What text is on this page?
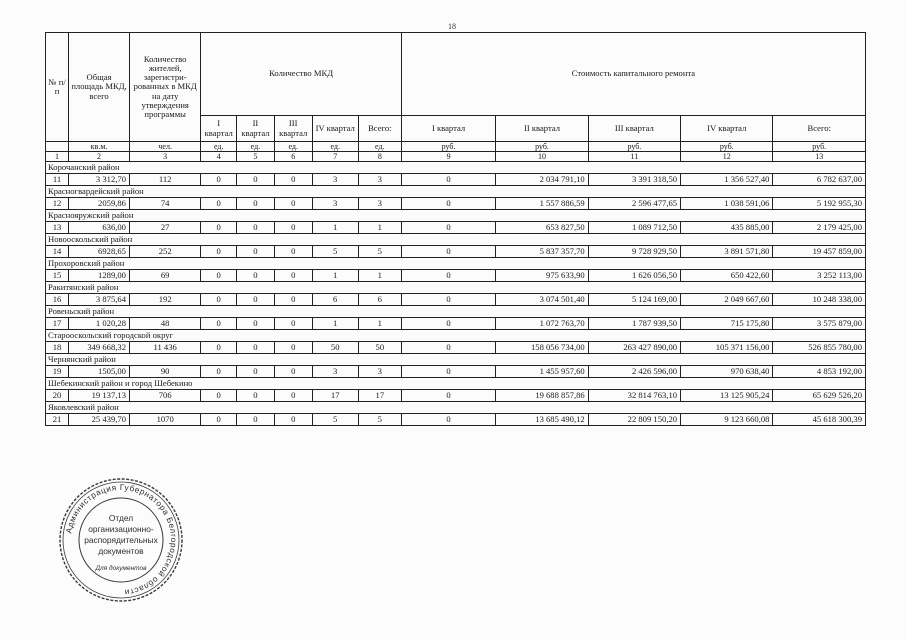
18
№ п/п	Общая площадь МКД, всего	Количество жителей, зарегистри-рованных в МКД на дату утверждения программы	Количество МКД					Стоимость капитального ремонта				
			I квартал	II квартал	III квартал	IV квартал	Всего:	I квартал	II квартал	III квартал	IV квартал	Всего:
	кв.м.	чел.	ед.	ед.	ед.	ед.	ед.	руб.	руб.	руб.	руб.	руб.
1	2	3	4	5	6	7	8	9	10	11	12	13
Корочанский район												
11	3 312,70	112	0	0	0	3	3	0	2 034 791,10	3 391 318,50	1 356 527,40	6 782 637,00
Красногвардейский район												
12	2059,86	74	0	0	0	3	3	0	1 557 886,59	2 596 477,65	1 038 591,06	5 192 955,30
Краснояружский район												
13	636,00	27	0	0	0	1	1	0	653 827,50	1 089 712,50	435 885,00	2 179 425,00
Новооскольский район												
14	6928,65	252	0	0	0	5	5	0	5 837 357,70	9 728 929,50	3 891 571,80	19 457 859,00
Прохоровский район												
15	1289,00	69	0	0	0	1	1	0	975 633,90	1 626 056,50	650 422,60	3 252 113,00
Ракитянский район												
16	3 875,64	192	0	0	0	6	6	0	3 074 501,40	5 124 169,00	2 049 667,60	10 248 338,00
Ровеньский район												
17	1 020,28	48	0	0	0	1	1	0	1 072 763,70	1 787 939,50	715 175,80	3 575 879,00
Старооскольский городской округ												
18	349 668,32	11 436	0	0	0	50	50	0	158 056 734,00	263 427 890,00	105 371 156,00	526 855 780,00
Чернянский район												
19	1505,00	90	0	0	0	3	3	0	1 455 957,60	2 426 596,00	970 638,40	4 853 192,00
Шебекинский район и город Шебекино												
20	19 137,13	706	0	0	0	17	17	0	19 688 857,86	32 814 763,10	13 125 905,24	65 629 526,20
Яковлевский район												
21	25 439,70	1070	0	0	0	5	5	0	13 685 490,12	22 809 150,20	9 123 660,08	45 618 300,39
Администрация Губернатора Белгородской области
Отдел
организационно-
распорядительных
документов
Для документов
